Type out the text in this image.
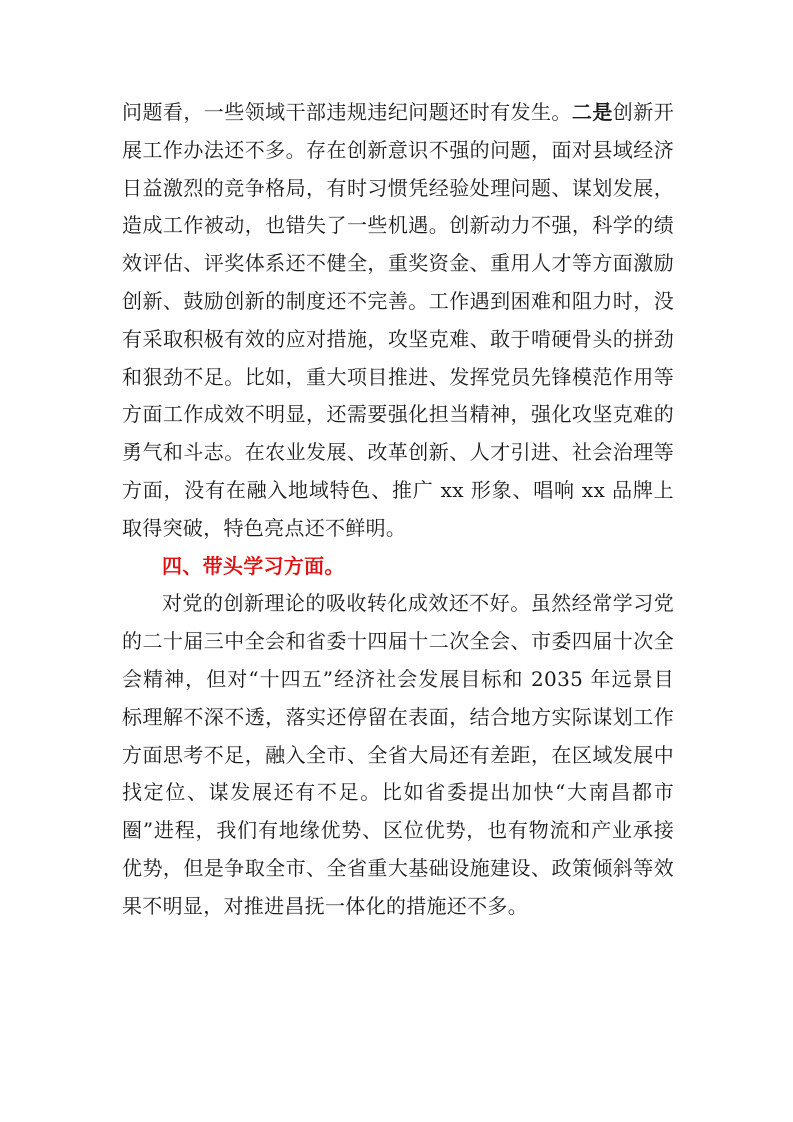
问题看，一些领域干部违规违纪问题还时有发生。二是创新开展工作办法还不多。存在创新意识不强的问题，面对县域经济日益激烈的竞争格局，有时习惯凭经验处理问题、谋划发展，造成工作被动，也错失了一些机遇。创新动力不强，科学的绩效评估、评奖体系还不健全，重奖资金、重用人才等方面激励创新、鼓励创新的制度还不完善。工作遇到困难和阻力时，没有采取积极有效的应对措施，攻坚克难、敢于啃硬骨头的拼劲和狠劲不足。比如，重大项目推进、发挥党员先锋模范作用等方面工作成效不明显，还需要强化担当精神，强化攻坚克难的勇气和斗志。在农业发展、改革创新、人才引进、社会治理等方面，没有在融入地域特色、推广 xx 形象、唱响 xx 品牌上取得突破，特色亮点还不鲜明。

四、带头学习方面。

对党的创新理论的吸收转化成效还不好。虽然经常学习党的二十届三中全会和省委十四届十二次全会、市委四届十次全会精神，但对“十四五”经济社会发展目标和 2035 年远景目标理解不深不透，落实还停留在表面，结合地方实际谋划工作方面思考不足，融入全市、全省大局还有差距，在区域发展中找定位、谋发展还有不足。比如省委提出加快“大南昌都市圈”进程，我们有地缘优势、区位优势，也有物流和产业承接优势，但是争取全市、全省重大基础设施建设、政策倾斜等效果不明显，对推进昌抚一体化的措施还不多。
